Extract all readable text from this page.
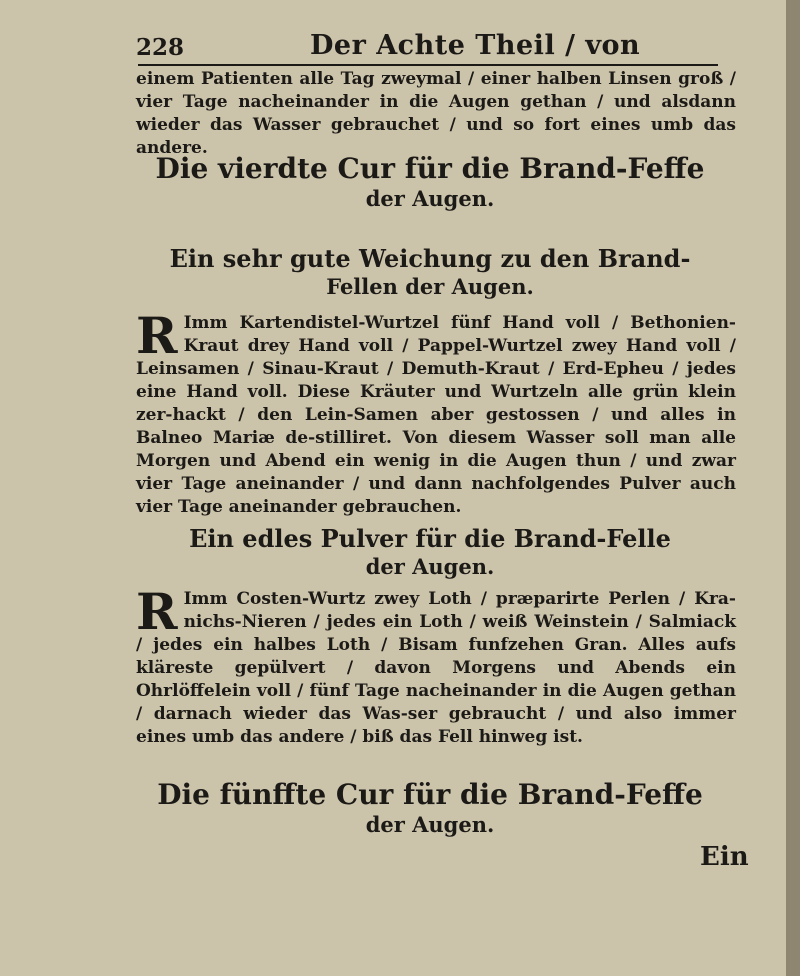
228	Der Achte Theil / von
einem Patienten alle Tag zweymal / einer halben Linsen groß / vier Tage nacheinander in die Augen gethan / und alsdann wieder das Wasser gebrauchet / und so fort eines umb das andere.
Die vierdte Cur für die Brand-Feffe
der Augen.
Ein sehr gute Weichung zu den Brand-
Fellen der Augen.
R Imm Kartendistel-Wurtzel fünf Hand voll / Bethonien-Kraut drey Hand voll / Pappel-Wurtzel zwey Hand voll / Leinsamen / Sinau-Kraut / Demuth-Kraut / Erd-Epheu / jedes eine Hand voll. Diese Kräuter und Wurtzeln alle grün klein zer-hackt / den Lein-Samen aber gestossen / und alles in Balneo Mariæ de-stilliret. Von diesem Wasser soll man alle Morgen und Abend ein wenig in die Augen thun / und zwar vier Tage aneinander / und dann nachfolgendes Pulver auch vier Tage aneinander gebrauchen.
Ein edles Pulver für die Brand-Felle
der Augen.
R Imm Costen-Wurtz zwey Loth / præparirte Perlen / Kra-nichs-Nieren / jedes ein Loth / weiß Weinstein / Salmiack / jedes ein halbes Loth / Bisam funfzehen Gran. Alles aufs kläreste gepülvert / davon Morgens und Abends ein Ohrlöffelein voll / fünf Tage nacheinander in die Augen gethan / darnach wieder das Was-ser gebraucht / und also immer eines umb das andere / biß das Fell hinweg ist.
Die fünffte Cur für die Brand-Feffe
der Augen.
Ein
